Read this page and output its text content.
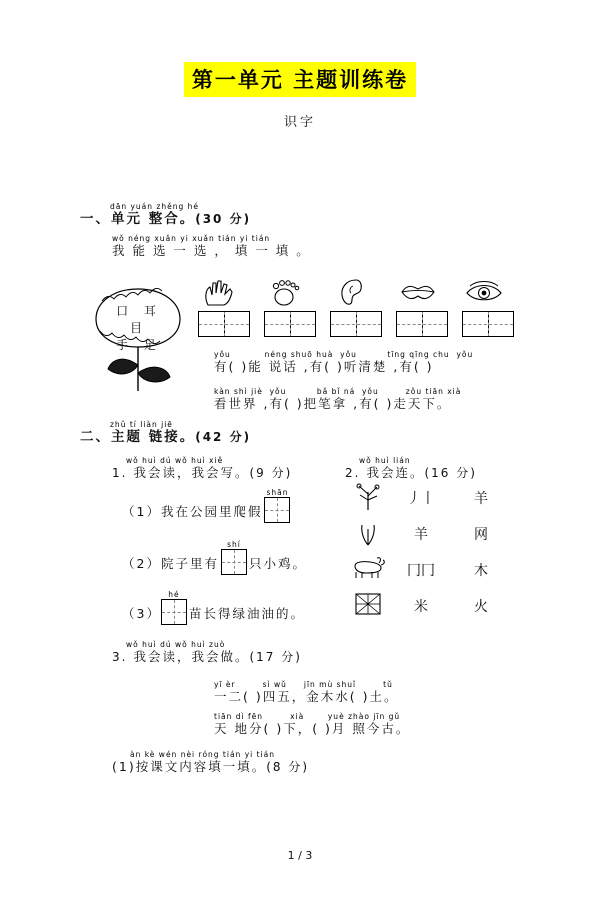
第一单元 主题训练卷
识字
dān yuán zhěng hé
一、单元 整合。(30 分)
wǒ néng xuǎn yi xuǎn tián yi tián
我 能 选 一 选 ， 填 一 填 。
口 耳 目
手 足
yǒu          néng shuō huà  yǒu         tīng qīng chu  yǒu
有( )能 说话 ,有( )听清楚 ,有( )
kàn shì jiè  yǒu         bǎ bǐ ná  yǒu        zǒu tiān xià
看世界 ,有( )把笔拿 ,有( )走天下。
zhǔ tí liàn jiē
二、主题 链接。(42 分)
wǒ huì dú wǒ huì xiě
1. 我会读，我会写。(9 分)
（1）我在公园里爬假
shān
（2）院子里有
shí
只小鸡。
（3）
hé
苗长得绿油油的。
wǒ huì lián
2. 我会连。(16 分)
丿丨	羊
羊	网
冂冂	木
米	火
wǒ huì dú wǒ huì zuò
3. 我会读，我会做。(17 分)
yī èr        sì wǔ     jīn mù shuǐ        tǔ
一二( )四五，金木水( )土。
tiān dì fēn        xià       yuè zhào jīn gǔ
天 地分( )下，( )月 照今古。
àn kè wén nèi róng tián yi tián
(1)按课文内容填一填。(8 分)
1 / 3
